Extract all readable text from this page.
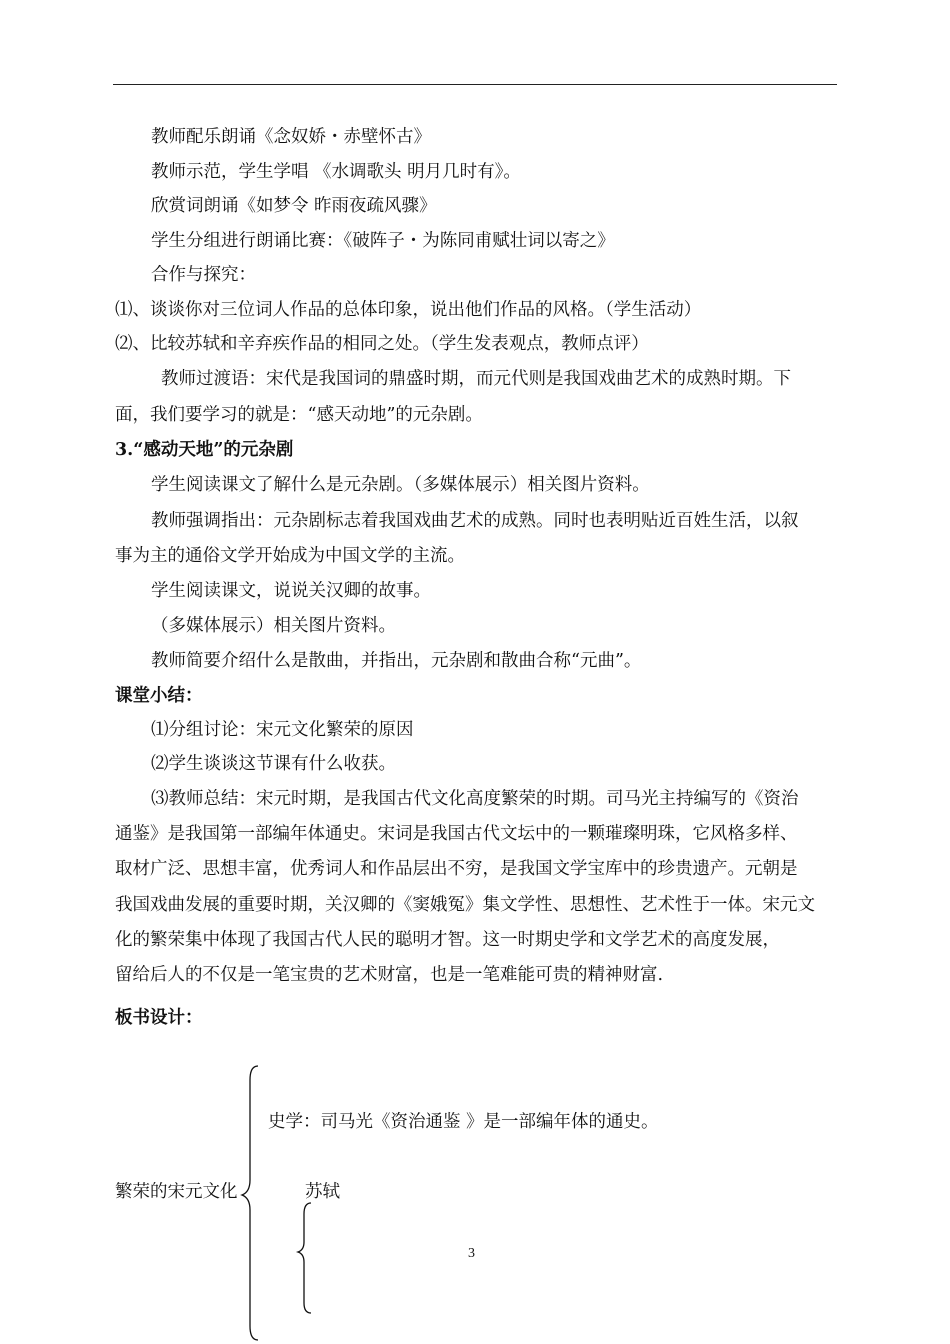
教师配乐朗诵《念奴娇・赤壁怀古》
教师示范，学生学唱 《水调歌头 明月几时有》。
欣赏词朗诵《如梦令 昨雨夜疏风骤》
学生分组进行朗诵比赛：《破阵子・为陈同甫赋壮词以寄之》
合作与探究：
⑴、谈谈你对三位词人作品的总体印象，说出他们作品的风格。（学生活动）
⑵、比较苏轼和辛弃疾作品的相同之处。（学生发表观点，教师点评）
教师过渡语：宋代是我国词的鼎盛时期，而元代则是我国戏曲艺术的成熟时期。下
面，我们要学习的就是：“感天动地”的元杂剧。
3.“感动天地”的元杂剧
学生阅读课文了解什么是元杂剧。（多媒体展示）相关图片资料。
教师强调指出：元杂剧标志着我国戏曲艺术的成熟。同时也表明贴近百姓生活，以叙
事为主的通俗文学开始成为中国文学的主流。
学生阅读课文，说说关汉卿的故事。
（多媒体展示）相关图片资料。
教师简要介绍什么是散曲，并指出，元杂剧和散曲合称“元曲”。
课堂小结：
⑴分组讨论：宋元文化繁荣的原因
⑵学生谈谈这节课有什么收获。
⑶教师总结：宋元时期，是我国古代文化高度繁荣的时期。司马光主持编写的《资治
通鉴》是我国第一部编年体通史。宋词是我国古代文坛中的一颗璀璨明珠，它风格多样、
取材广泛、思想丰富，优秀词人和作品层出不穷，是我国文学宝库中的珍贵遗产。元朝是
我国戏曲发展的重要时期，关汉卿的《窦娥冤》集文学性、思想性、艺术性于一体。宋元文
化的繁荣集中体现了我国古代人民的聪明才智。这一时期史学和文学艺术的高度发展，
留给后人的不仅是一笔宝贵的艺术财富，也是一笔难能可贵的精神财富.
板书设计：
史学：司马光《资治通鉴 》是一部编年体的通史。
繁荣的宋元文化	苏轼
3
